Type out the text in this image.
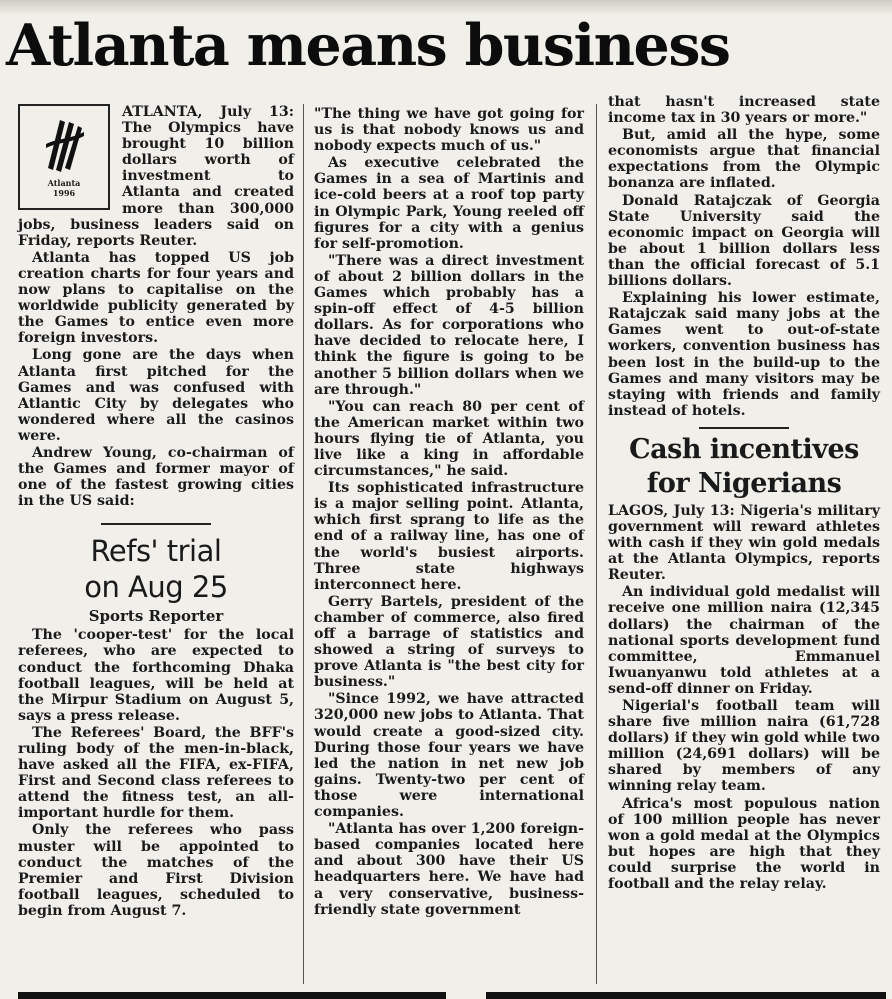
Atlanta means business
Atlanta
1996

ATLANTA, July 13: The Olympics have brought 10 billion dollars worth of investment to Atlanta and created more than 300,000 jobs, business leaders said on Friday, reports Reuter.

Atlanta has topped US job creation charts for four years and now plans to capitalise on the worldwide publicity generated by the Games to entice even more foreign investors.

Long gone are the days when Atlanta first pitched for the Games and was confused with Atlantic City by delegates who wondered where all the casinos were.

Andrew Young, co-chairman of the Games and former mayor of one of the fastest growing cities in the US said:

Refs' trial
on Aug 25
Sports Reporter

The 'cooper-test' for the local referees, who are expected to conduct the forthcoming Dhaka football leagues, will be held at the Mirpur Stadium on August 5, says a press release.

The Referees' Board, the BFF's ruling body of the men-in-black, have asked all the FIFA, ex-FIFA, First and Second class referees to attend the fitness test, an all-important hurdle for them.

Only the referees who pass muster will be appointed to conduct the matches of the Premier and First Division football leagues, scheduled to begin from August 7.

"The thing we have got going for us is that nobody knows us and nobody expects much of us."

As executive celebrated the Games in a sea of Martinis and ice-cold beers at a roof top party in Olympic Park, Young reeled off figures for a city with a genius for self-promotion.

"There was a direct investment of about 2 billion dollars in the Games which probably has a spin-off effect of 4-5 billion dollars. As for corporations who have decided to relocate here, I think the figure is going to be another 5 billion dollars when we are through."

"You can reach 80 per cent of the American market within two hours flying tie of Atlanta, you live like a king in affordable circumstances," he said.

Its sophisticated infrastructure is a major selling point. Atlanta, which first sprang to life as the end of a railway line, has one of the world's busiest airports. Three state highways interconnect here.

Gerry Bartels, president of the chamber of commerce, also fired off a barrage of statistics and showed a string of surveys to prove Atlanta is "the best city for business."

"Since 1992, we have attracted 320,000 new jobs to Atlanta. That would create a good-sized city. During those four years we have led the nation in net new job gains. Twenty-two per cent of those were international companies.

"Atlanta has over 1,200 foreign-based companies located here and about 300 have their US headquarters here. We have had a very conservative, business-friendly state government

that hasn't increased state income tax in 30 years or more."

But, amid all the hype, some economists argue that financial expectations from the Olympic bonanza are inflated.

Donald Ratajczak of Georgia State University said the economic impact on Georgia will be about 1 billion dollars less than the official forecast of 5.1 billions dollars.

Explaining his lower estimate, Ratajczak said many jobs at the Games went to out-of-state workers, convention business has been lost in the build-up to the Games and many visitors may be staying with friends and family instead of hotels.

Cash incentives
for Nigerians

LAGOS, July 13: Nigeria's military government will reward athletes with cash if they win gold medals at the Atlanta Olympics, reports Reuter.

An individual gold medalist will receive one million naira (12,345 dollars) the chairman of the national sports development fund committee, Emmanuel Iwuanyanwu told athletes at a send-off dinner on Friday.

Nigerial's football team will share five million naira (61,728 dollars) if they win gold while two million (24,691 dollars) will be shared by members of any winning relay team.

Africa's most populous nation of 100 million people has never won a gold medal at the Olympics but hopes are high that they could surprise the world in football and the relay relay.
